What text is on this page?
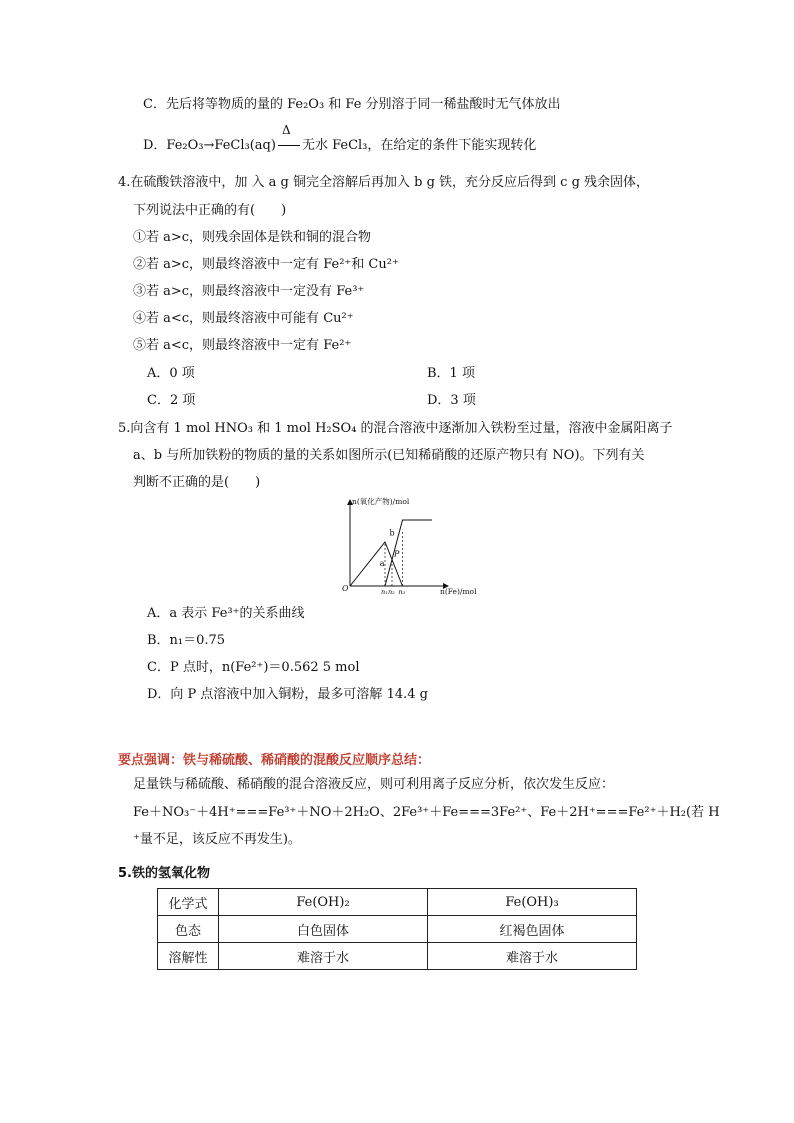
C．先后将等物质的量的 Fe₂O₃ 和 Fe 分别溶于同一稀盐酸时无气体放出
D．Fe₂O₃→FeCl₃(aq)
Δ
无水 FeCl₃，在给定的条件下能实现转化
4.在硫酸铁溶液中，加 入 a g 铜完全溶解后再加入 b g 铁，充分反应后得到 c g 残余固体，
下列说法中正确的有(　　)
①若 a>c，则残余固体是铁和铜的混合物
②若 a>c，则最终溶液中一定有 Fe²⁺和 Cu²⁺
③若 a>c，则最终溶液中一定没有 Fe³⁺
④若 a<c，则最终溶液中可能有 Cu²⁺
⑤若 a<c，则最终溶液中一定有 Fe²⁺
A．0 项	B．1 项
C．2 项	D．3 项
5.向含有 1 mol HNO₃ 和 1 mol H₂SO₄ 的混合溶液中逐渐加入铁粉至过量，溶液中金属阳离子
a、b 与所加铁粉的物质的量的关系如图所示(已知稀硝酸的还原产物只有 NO)。下列有关
判断不正确的是(　　)
n(氧化产物)/mol
n(Fe)/mol
O
a
b
P
n₁ n₂ n₃
A．a 表示 Fe³⁺的关系曲线
B．n₁＝0.75
C．P 点时，n(Fe²⁺)＝0.562 5 mol
D．向 P 点溶液中加入铜粉，最多可溶解 14.4 g
要点强调：铁与稀硫酸、稀硝酸的混酸反应顺序总结：
足量铁与稀硫酸、稀硝酸的混合溶液反应，则可利用离子反应分析，依次发生反应：
Fe＋NO₃⁻＋4H⁺===Fe³⁺＋NO＋2H₂O、2Fe³⁺＋Fe===3Fe²⁺、Fe＋2H⁺===Fe²⁺＋H₂(若 H
⁺量不足，该反应不再发生)。
5.铁的氢氧化物
化学式	Fe(OH)₂	Fe(OH)₃
色态	白色固体	红褐色固体
溶解性	难溶于水	难溶于水
